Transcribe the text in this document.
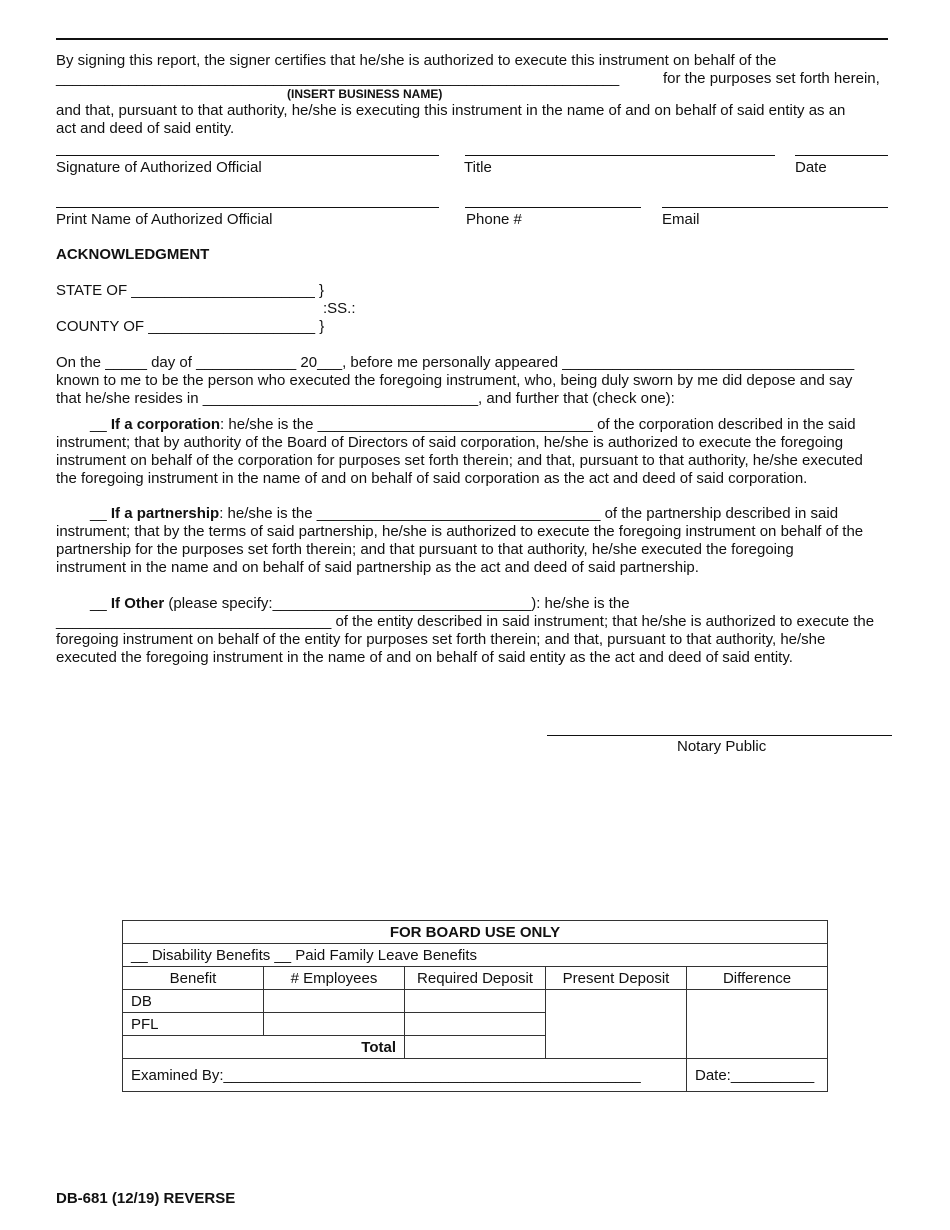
By signing this report, the signer certifies that he/she is authorized to execute this instrument on behalf of the
______________________________________________________________________	for the purposes set forth herein,
(INSERT BUSINESS NAME)
and that, pursuant to that authority, he/she is executing this instrument in the name of and on behalf of said entity as an
act and deed of said entity.
Signature of Authorized Official	Title	Date
Print Name of Authorized Official	Phone #	Email
ACKNOWLEDGMENT
STATE OF ______________________ }
:SS.:
COUNTY OF ____________________ }

On the _____ day of ____________ 20___, before me personally appeared ___________________________________

known to me to be the person who executed the foregoing instrument, who, being duly sworn by me did depose and say

that he/she resides in _________________________________, and further that (check one):

__ If a corporation: he/she is the _________________________________ of the corporation described in the said

instrument; that by authority of the Board of Directors of said corporation, he/she is authorized to execute the foregoing

instrument on behalf of the corporation for purposes set forth therein; and that, pursuant to that authority, he/she executed

the foregoing instrument in the name of and on behalf of said corporation as the act and deed of said corporation.

__ If a partnership: he/she is the __________________________________ of the partnership described in said

instrument; that by the terms of said partnership, he/she is authorized to execute the foregoing instrument on behalf of the

partnership for the purposes set forth therein; and that pursuant to that authority, he/she executed the foregoing

instrument in the name and on behalf of said partnership as the act and deed of said partnership.

__ If Other (please specify:_______________________________): he/she is the

_________________________________ of the entity described in said instrument; that he/she is authorized to execute the

foregoing instrument on behalf of the entity for purposes set forth therein; and that, pursuant to that authority, he/she

executed the foregoing instrument in the name of and on behalf of said entity as the act and deed of said entity.

Notary Public
FOR BOARD USE ONLY				
__ Disability Benefits __ Paid Family Leave Benefits				
Benefit	# Employees	Required Deposit	Present Deposit	Difference
DB				
PFL				
Total				
Examined By:__________________________________________________				Date:__________
DB-681 (12/19) REVERSE
